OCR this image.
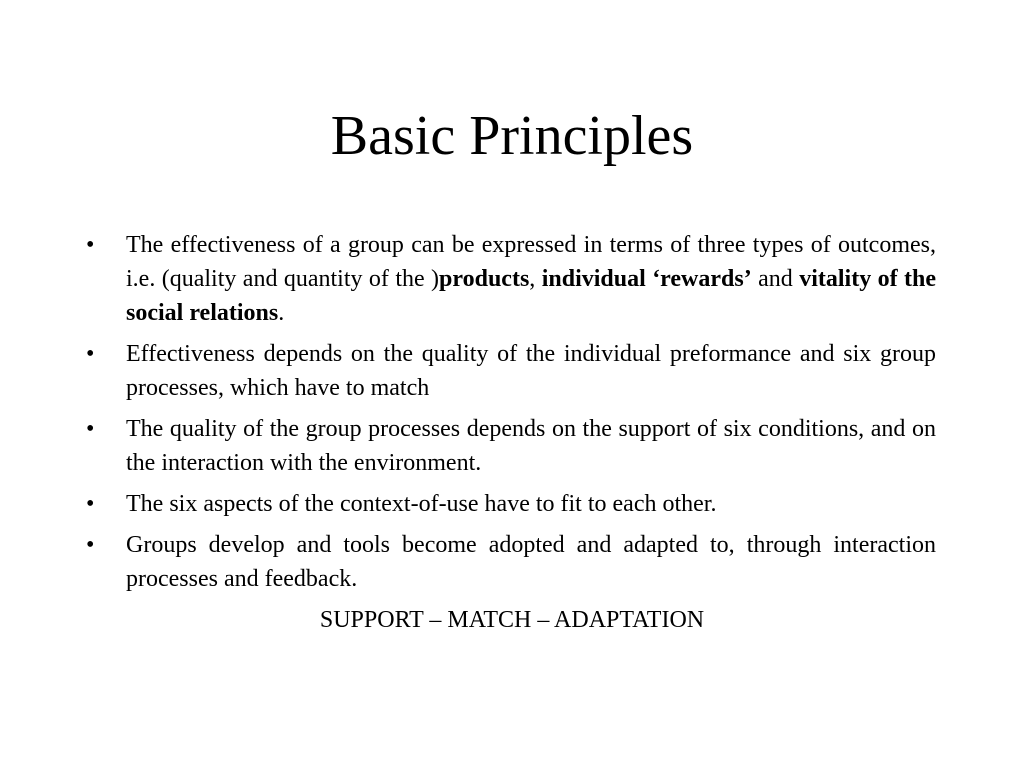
Basic Principles
•	The effectiveness of a group can be expressed in terms of three types of outcomes, i.e. (quality and quantity of the )products, individual ‘rewards’ and vitality of the social relations.
•	Effectiveness depends on the quality of the individual preformance and six group processes, which have to match
•	The quality of the group processes depends on the support of six conditions, and on the interaction with the environment.
•	The six aspects of the context-of-use have to fit to each other.
•	Groups develop and tools become adopted and adapted to, through interaction processes and feedback.
SUPPORT – MATCH – ADAPTATION
